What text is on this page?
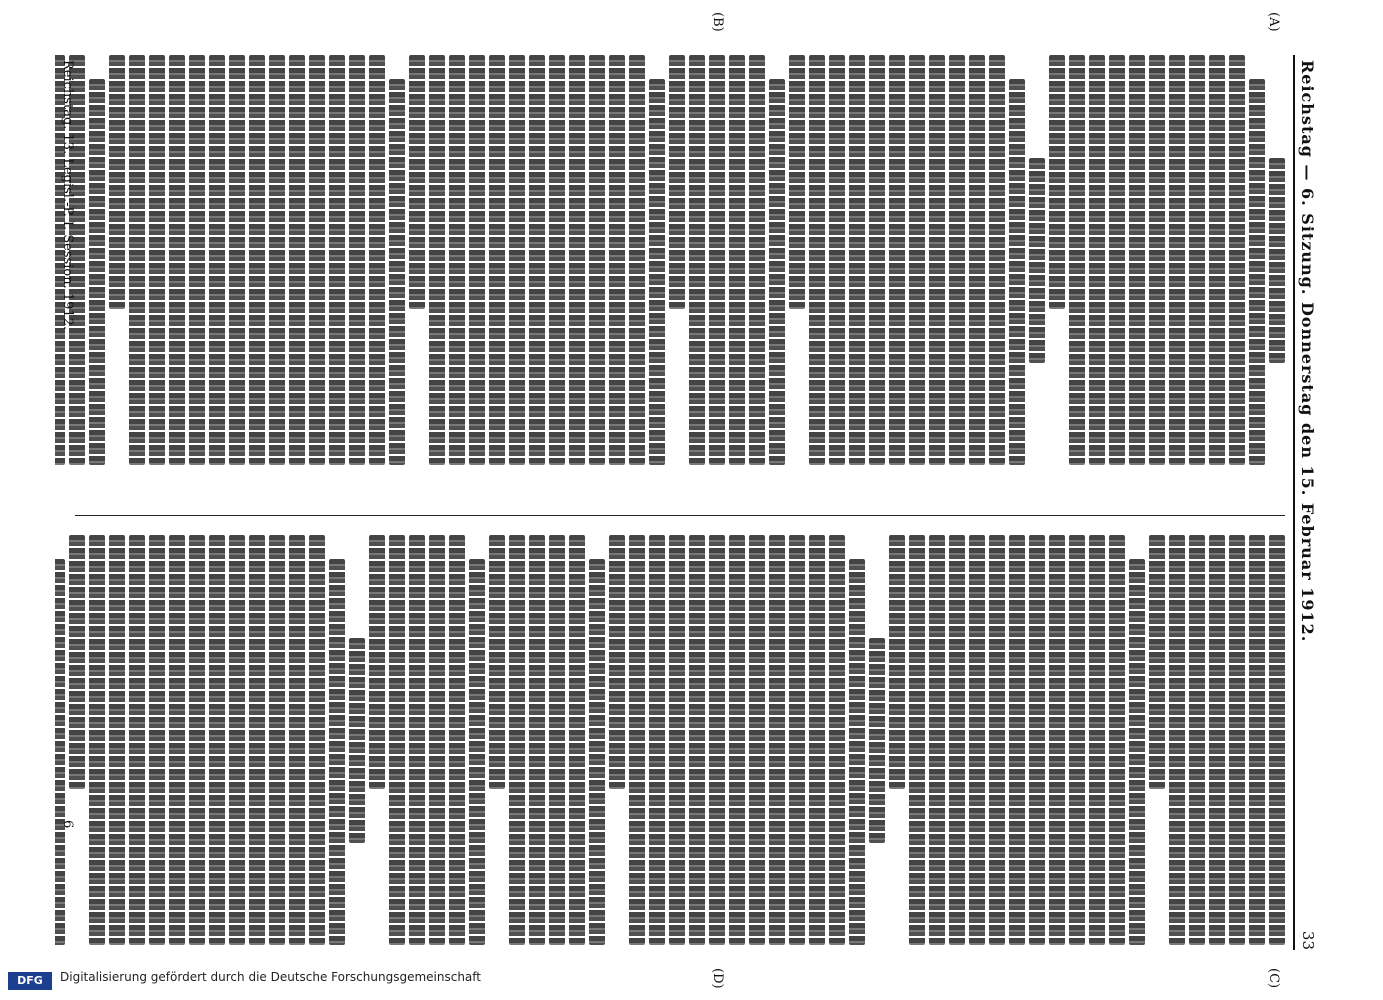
Reichstag — 6. Sitzung. Donnerstag den 15. Februar 1912.
33
(A)
(B)
(C)
(D)
Reichstag. 13. Legisl.-P. I. Session. 1912.
6
DFG	Digitalisierung gefördert durch die Deutsche Forschungsgemeinschaft
